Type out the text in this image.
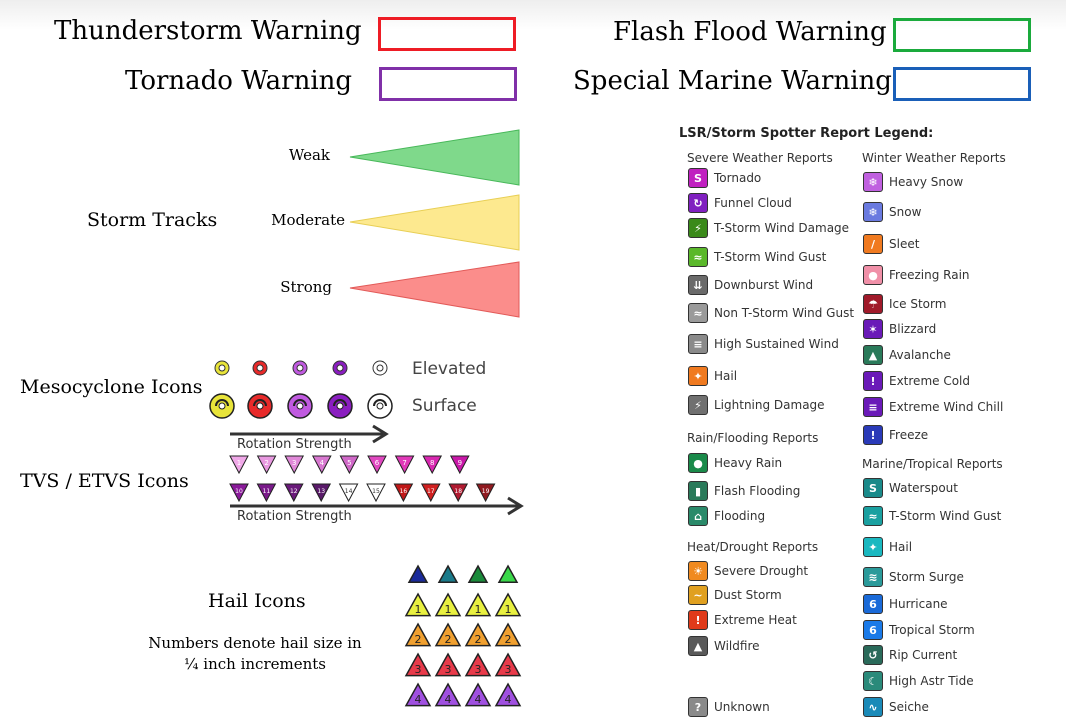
Thunderstorm Warning
Tornado Warning
Flash Flood Warning
Special Marine Warning
Storm Tracks
Weak
Moderate
Strong
Mesocyclone Icons
Elevated
Surface
Rotation Strength
TVS / ETVS Icons
1	2	3	4	5	6	7	8	9
10	11	12	13	14	15	16	17	18	19
Rotation Strength
Hail Icons
Numbers denote hail size in
¼ inch increments
1 1 1 1
2 2 2 2
3 3 3 3
4 4 4 4
LSR/Storm Spotter Report Legend:
Severe Weather Reports Winter Weather Reports
Rain/Flooding Reports
Heat/Drought Reports
Marine/Tropical Reports
S	Tornado
↻ Funnel Cloud
⚡	T-Storm Wind Damage
≈ T-Storm Wind Gust
⇊ Downburst Wind
≈ Non T-Storm Wind Gust
≡ High Sustained Wind
✦ Hail
⚡	Lightning Damage
● Heavy Rain
▮	Flash Flooding
⌂	Flooding
☀ Severe Drought
~ Dust Storm
!	Extreme Heat
▲ Wildfire
?	Unknown
❄ Heavy Snow
❄ Snow
/	Sleet
● Freezing Rain
☂ Ice Storm
✶ Blizzard
▲ Avalanche
!	Extreme Cold
≡ Extreme Wind Chill
!	Freeze
S	Waterspout
≈ T-Storm Wind Gust
✦ Hail
≋ Storm Surge
6	Hurricane
6	Tropical Storm
↺ Rip Current
☾ High Astr Tide
∿ Seiche
